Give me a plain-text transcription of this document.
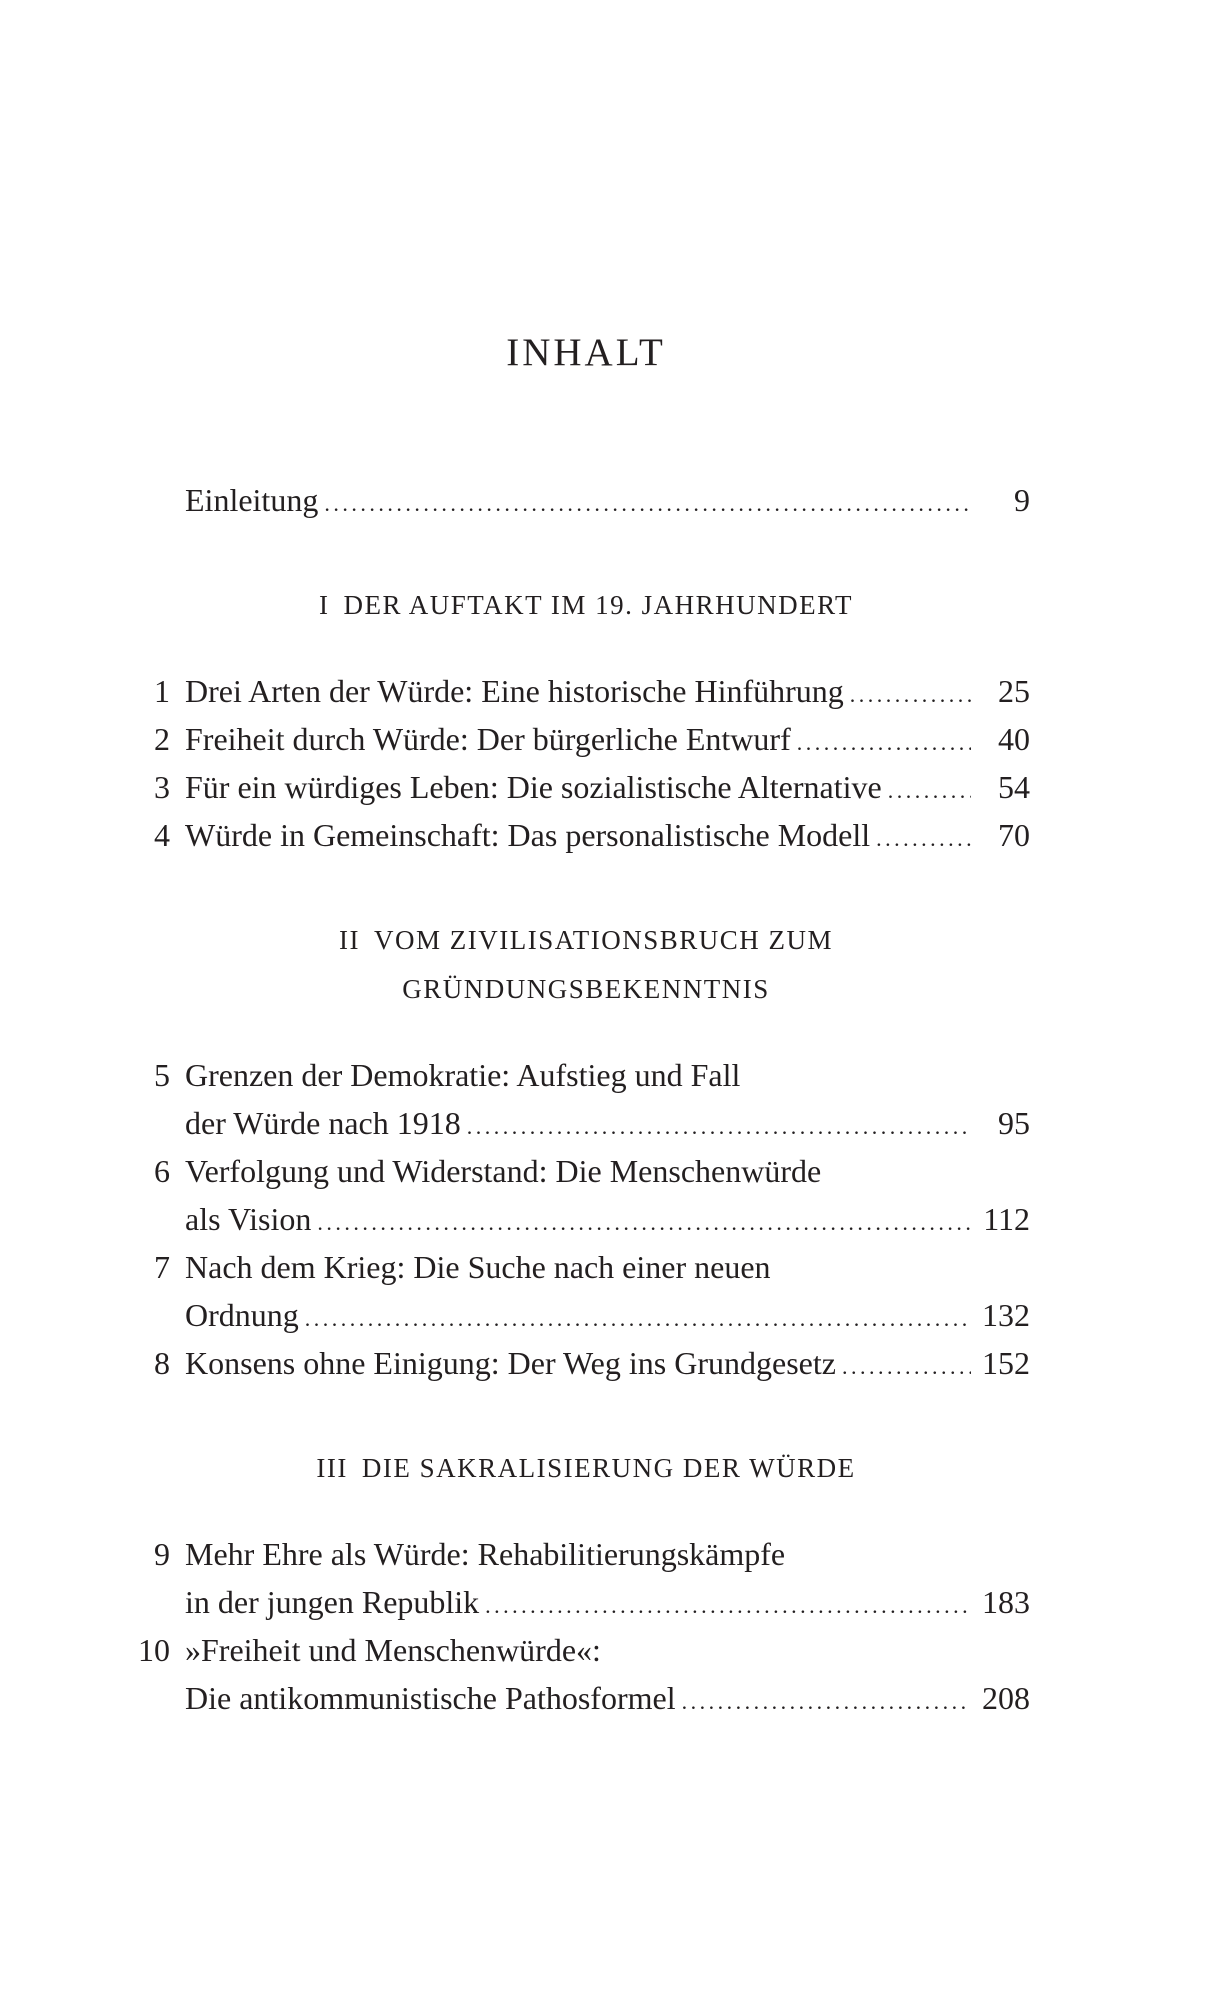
INHALT
Einleitung . . .	9
I DER AUFTAKT IM 19. JAHRHUNDERT
1 Drei Arten der Würde: Eine historische Hinführung . . .	25
2 Freiheit durch Würde: Der bürgerliche Entwurf . . .	40
3 Für ein würdiges Leben: Die sozialistische Alternative . . .	54
4 Würde in Gemeinschaft: Das personalistische Modell . . .	70
II VOM ZIVILISATIONSBRUCH ZUM
GRÜNDUNGSBEKENNTNIS
5 Grenzen der Demokratie: Aufstieg und Fall
der Würde nach 1918 . . .	95
6 Verfolgung und Widerstand: Die Menschenwürde
als Vision . . .	112
7 Nach dem Krieg: Die Suche nach einer neuen
Ordnung . . .	132
8 Konsens ohne Einigung: Der Weg ins Grundgesetz . . .	152
III DIE SAKRALISIERUNG DER WÜRDE
9 Mehr Ehre als Würde: Rehabilitierungskämpfe
in der jungen Republik . . .	183
10 »Freiheit und Menschenwürde«:
Die antikommunistische Pathosformel . . .	208
